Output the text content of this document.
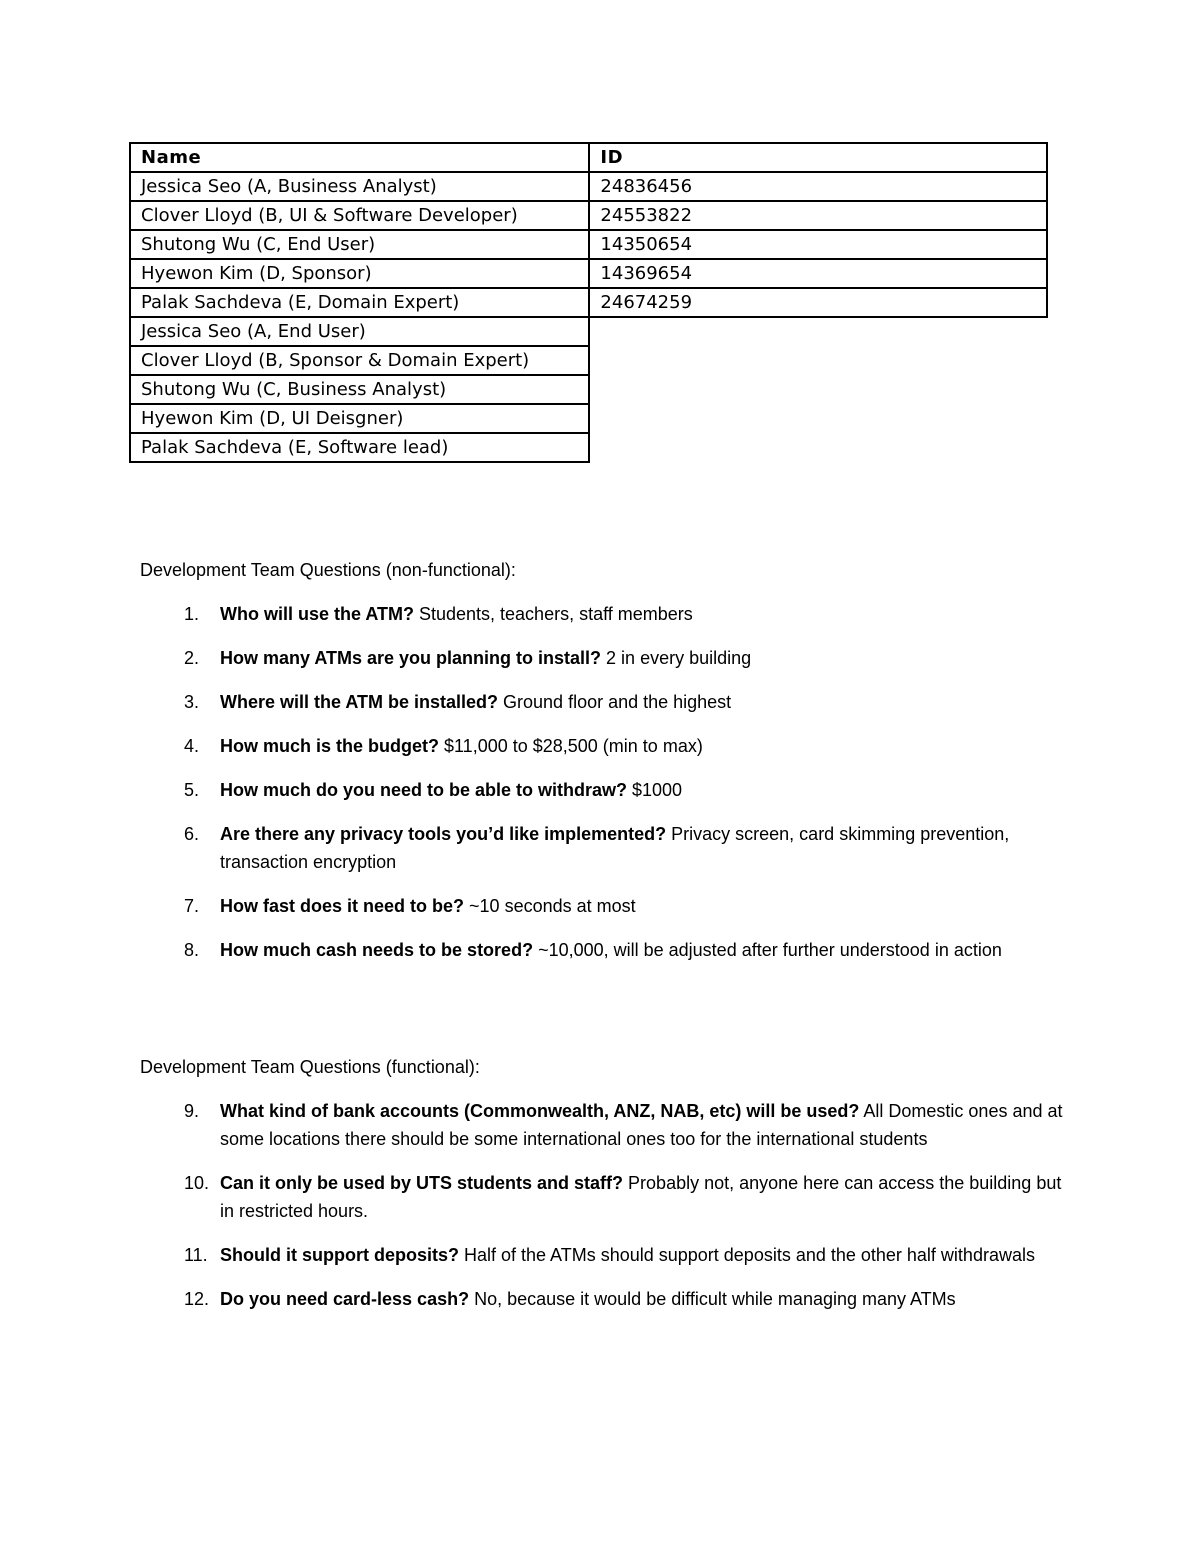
Name	ID
Jessica Seo (A, Business Analyst)	24836456
Clover Lloyd (B, UI & Software Developer)	24553822
Shutong Wu (C, End User)	14350654
Hyewon Kim (D, Sponsor)	14369654
Palak Sachdeva (E, Domain Expert)	24674259
Jessica Seo (A, End User)	
Clover Lloyd (B, Sponsor & Domain Expert)	
Shutong Wu (C, Business Analyst)	
Hyewon Kim (D, UI Deisgner)	
Palak Sachdeva (E, Software lead)	

Development Team Questions (non-functional):

1.	Who will use the ATM? Students, teachers, staff members
2.	How many ATMs are you planning to install? 2 in every building
3.	Where will the ATM be installed? Ground floor and the highest
4.	How much is the budget? $11,000 to $28,500 (min to max)
5.	How much do you need to be able to withdraw? $1000
6.	Are there any privacy tools you’d like implemented? Privacy screen, card skimming prevention, transaction encryption
7.	How fast does it need to be? ~10 seconds at most
8.	How much cash needs to be stored? ~10,000, will be adjusted after further understood in action

Development Team Questions (functional):

9.	What kind of bank accounts (Commonwealth, ANZ, NAB, etc) will be used? All Domestic ones and at some locations there should be some international ones too for the international students
10. Can it only be used by UTS students and staff? Probably not, anyone here can access the building but in restricted hours.
11. Should it support deposits? Half of the ATMs should support deposits and the other half withdrawals
12. Do you need card-less cash? No, because it would be difficult while managing many ATMs
